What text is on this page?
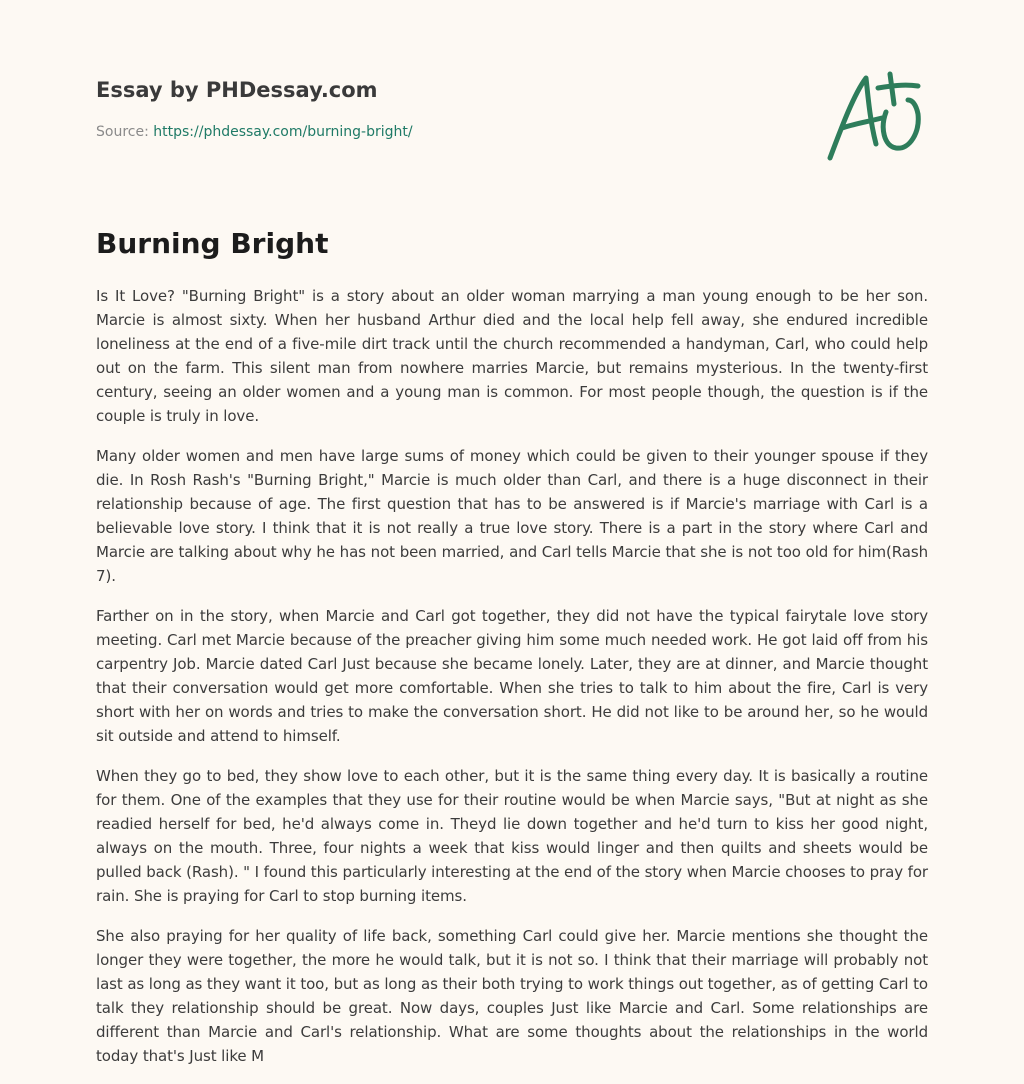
Essay by PHDessay.com
Source: https://phdessay.com/burning-bright/
Burning Bright

Is It Love? "Burning Bright" is a story about an older woman marrying a man young enough to be her son. Marcie is almost sixty. When her husband Arthur died and the local help fell away, she endured incredible loneliness at the end of a five-mile dirt track until the church recommended a handyman, Carl, who could help out on the farm. This silent man from nowhere marries Marcie, but remains mysterious. In the twenty-first century, seeing an older women and a young man is common. For most people though, the question is if the couple is truly in love.

Many older women and men have large sums of money which could be given to their younger spouse if they die. In Rosh Rash's "Burning Bright," Marcie is much older than Carl, and there is a huge disconnect in their relationship because of age. The first question that has to be answered is if Marcie's marriage with Carl is a believable love story. I think that it is not really a true love story. There is a part in the story where Carl and Marcie are talking about why he has not been married, and Carl tells Marcie that she is not too old for him(Rash 7).

Farther on in the story, when Marcie and Carl got together, they did not have the typical fairytale love story meeting. Carl met Marcie because of the preacher giving him some much needed work. He got laid off from his carpentry Job. Marcie dated Carl Just because she became lonely. Later, they are at dinner, and Marcie thought that their conversation would get more comfortable. When she tries to talk to him about the fire, Carl is very short with her on words and tries to make the conversation short. He did not like to be around her, so he would sit outside and attend to himself.

When they go to bed, they show love to each other, but it is the same thing every day. It is basically a routine for them. One of the examples that they use for their routine would be when Marcie says, "But at night as she readied herself for bed, he'd always come in. Theyd lie down together and he'd turn to kiss her good night, always on the mouth. Three, four nights a week that kiss would linger and then quilts and sheets would be pulled back (Rash). " I found this particularly interesting at the end of the story when Marcie chooses to pray for rain. She is praying for Carl to stop burning items.

She also praying for her quality of life back, something Carl could give her. Marcie mentions she thought the longer they were together, the more he would talk, but it is not so. I think that their marriage will probably not last as long as they want it too, but as long as their both trying to work things out together, as of getting Carl to talk they relationship should be great. Now days, couples Just like Marcie and Carl. Some relationships are different than Marcie and Carl's relationship. What are some thoughts about the relationships in the world today that's Just like M
